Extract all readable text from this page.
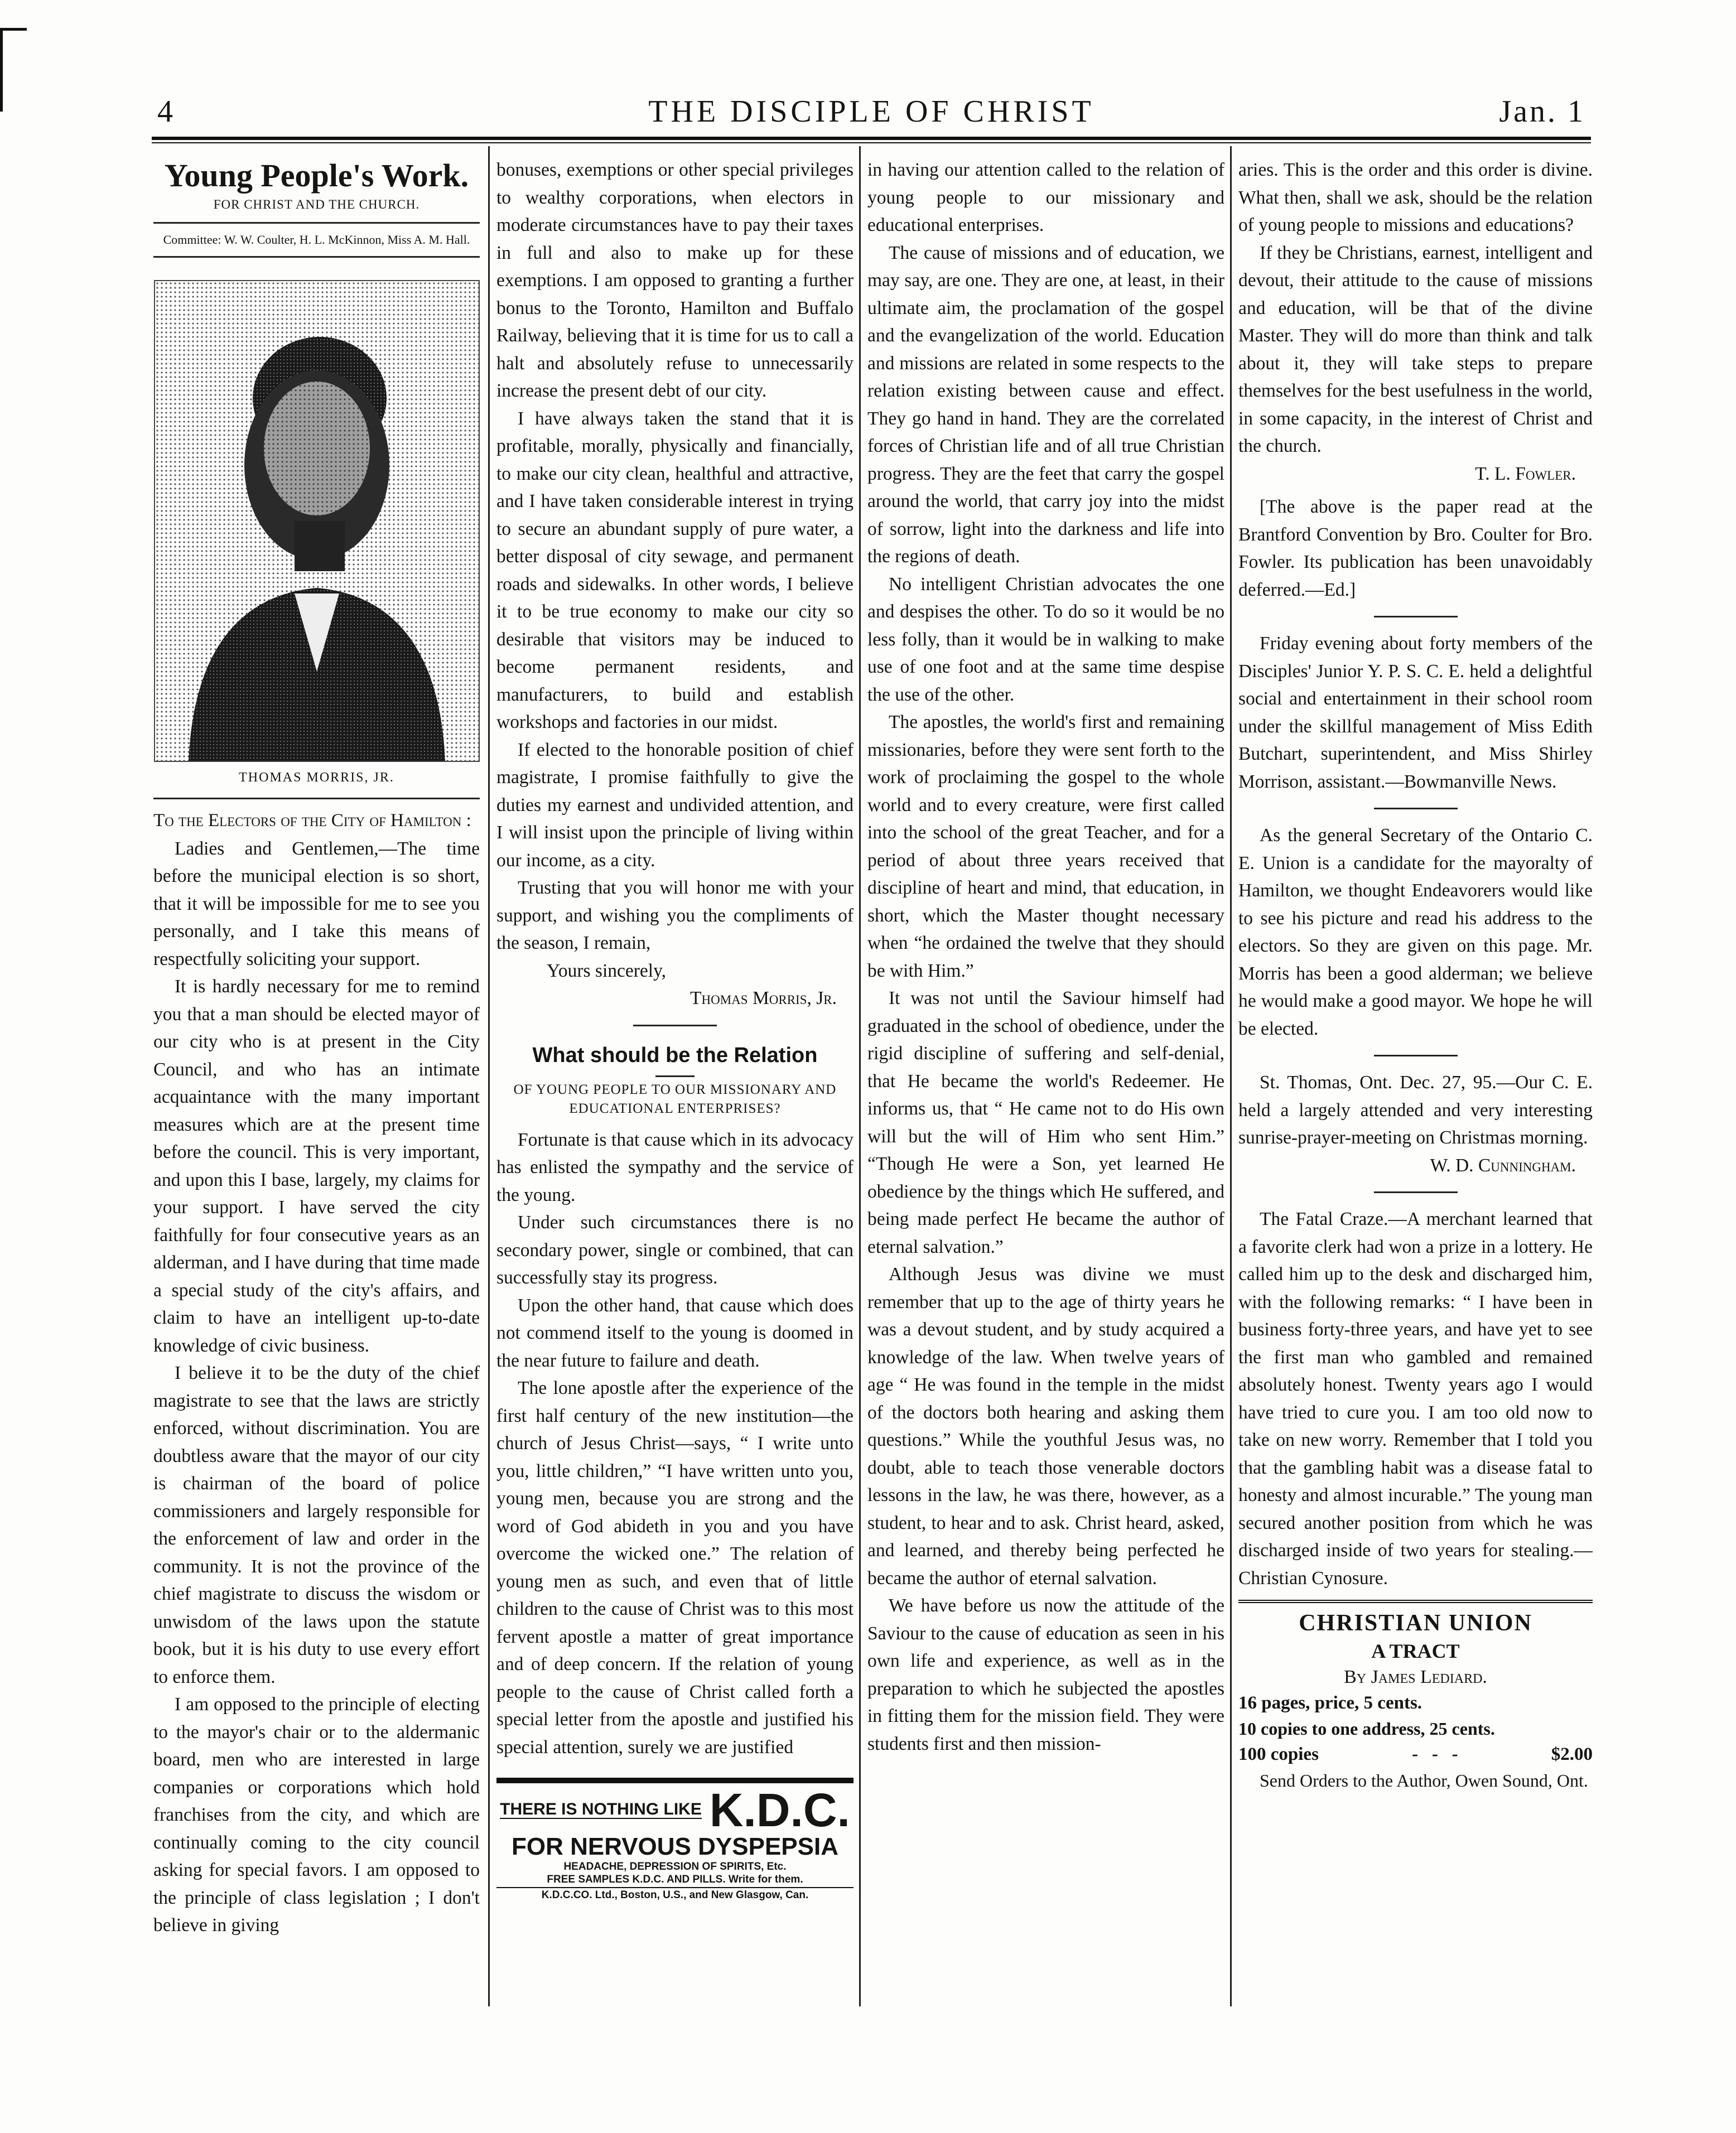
4	THE DISCIPLE OF CHRIST	Jan. 1
Young People's Work.
FOR CHRIST AND THE CHURCH.
Committee: W. W. Coulter, H. L. McKinnon, Miss A. M. Hall.
THOMAS MORRIS, JR.

To the Electors of the City of Hamilton :

Ladies and Gentlemen,—The time before the municipal election is so short, that it will be impossible for me to see you personally, and I take this means of respectfully soliciting your support.

It is hardly necessary for me to remind you that a man should be elected mayor of our city who is at present in the City Council, and who has an intimate acquaintance with the many important measures which are at the present time before the council. This is very important, and upon this I base, largely, my claims for your support. I have served the city faithfully for four consecutive years as an alderman, and I have during that time made a special study of the city's affairs, and claim to have an intelligent up-to-date knowledge of civic business.

I believe it to be the duty of the chief magistrate to see that the laws are strictly enforced, without discrimination. You are doubtless aware that the mayor of our city is chairman of the board of police commissioners and largely responsible for the enforcement of law and order in the community. It is not the province of the chief magistrate to discuss the wisdom or unwisdom of the laws upon the statute book, but it is his duty to use every effort to enforce them.

I am opposed to the principle of electing to the mayor's chair or to the aldermanic board, men who are interested in large companies or corporations which hold franchises from the city, and which are continually coming to the city council asking for special favors. I am opposed to the principle of class legislation ; I don't believe in giving

bonuses, exemptions or other special privileges to wealthy corporations, when electors in moderate circumstances have to pay their taxes in full and also to make up for these exemptions. I am opposed to granting a further bonus to the Toronto, Hamilton and Buffalo Railway, believing that it is time for us to call a halt and absolutely refuse to unnecessarily increase the present debt of our city.

I have always taken the stand that it is profitable, morally, physically and financially, to make our city clean, healthful and attractive, and I have taken considerable interest in trying to secure an abundant supply of pure water, a better disposal of city sewage, and permanent roads and sidewalks. In other words, I believe it to be true economy to make our city so desirable that visitors may be induced to become permanent residents, and manufacturers, to build and establish workshops and factories in our midst.

If elected to the honorable position of chief magistrate, I promise faithfully to give the duties my earnest and undivided attention, and I will insist upon the principle of living within our income, as a city.

Trusting that you will honor me with your support, and wishing you the compliments of the season, I remain,

Yours sincerely,

Thomas Morris, Jr.

What should be the Relation
OF YOUNG PEOPLE TO OUR MISSIONARY AND EDUCATIONAL ENTERPRISES?

Fortunate is that cause which in its advocacy has enlisted the sympathy and the service of the young.

Under such circumstances there is no secondary power, single or combined, that can successfully stay its progress.

Upon the other hand, that cause which does not commend itself to the young is doomed in the near future to failure and death.

The lone apostle after the experience of the first half century of the new institution—the church of Jesus Christ—says, “ I write unto you, little children,” “I have written unto you, young men, because you are strong and the word of God abideth in you and you have overcome the wicked one.” The relation of young men as such, and even that of little children to the cause of Christ was to this most fervent apostle a matter of great importance and of deep concern. If the relation of young people to the cause of Christ called forth a special letter from the apostle and justified his special attention, surely we are justified

THERE IS NOTHING LIKE K.D.C.
FOR NERVOUS DYSPEPSIA
HEADACHE, DEPRESSION OF SPIRITS, Etc.
FREE SAMPLES K.D.C. AND PILLS. Write for them.
K.D.C.CO. Ltd., Boston, U.S., and New Glasgow, Can.

in having our attention called to the relation of young people to our missionary and educational enterprises.

The cause of missions and of education, we may say, are one. They are one, at least, in their ultimate aim, the proclamation of the gospel and the evangelization of the world. Education and missions are related in some respects to the relation existing between cause and effect. They go hand in hand. They are the correlated forces of Christian life and of all true Christian progress. They are the feet that carry the gospel around the world, that carry joy into the midst of sorrow, light into the darkness and life into the regions of death.

No intelligent Christian advocates the one and despises the other. To do so it would be no less folly, than it would be in walking to make use of one foot and at the same time despise the use of the other.

The apostles, the world's first and remaining missionaries, before they were sent forth to the work of proclaiming the gospel to the whole world and to every creature, were first called into the school of the great Teacher, and for a period of about three years received that discipline of heart and mind, that education, in short, which the Master thought necessary when “he ordained the twelve that they should be with Him.”

It was not until the Saviour himself had graduated in the school of obedience, under the rigid discipline of suffering and self-denial, that He became the world's Redeemer. He informs us, that “ He came not to do His own will but the will of Him who sent Him.” “Though He were a Son, yet learned He obedience by the things which He suffered, and being made perfect He became the author of eternal salvation.”

Although Jesus was divine we must remember that up to the age of thirty years he was a devout student, and by study acquired a knowledge of the law. When twelve years of age “ He was found in the temple in the midst of the doctors both hearing and asking them questions.” While the youthful Jesus was, no doubt, able to teach those venerable doctors lessons in the law, he was there, however, as a student, to hear and to ask. Christ heard, asked, and learned, and thereby being perfected he became the author of eternal salvation.

We have before us now the attitude of the Saviour to the cause of education as seen in his own life and experience, as well as in the preparation to which he subjected the apostles in fitting them for the mission field. They were students first and then mission-

aries. This is the order and this order is divine. What then, shall we ask, should be the relation of young people to missions and educations?

If they be Christians, earnest, intelligent and devout, their attitude to the cause of missions and education, will be that of the divine Master. They will do more than think and talk about it, they will take steps to prepare themselves for the best usefulness in the world, in some capacity, in the interest of Christ and the church.

T. L. Fowler.

[The above is the paper read at the Brantford Convention by Bro. Coulter for Bro. Fowler. Its publication has been unavoidably deferred.—Ed.]

Friday evening about forty members of the Disciples' Junior Y. P. S. C. E. held a delightful social and entertainment in their school room under the skillful management of Miss Edith Butchart, superintendent, and Miss Shirley Morrison, assistant.—Bowmanville News.

As the general Secretary of the Ontario C. E. Union is a candidate for the mayoralty of Hamilton, we thought Endeavorers would like to see his picture and read his address to the electors. So they are given on this page. Mr. Morris has been a good alderman; we believe he would make a good mayor. We hope he will be elected.

St. Thomas, Ont. Dec. 27, 95.—Our C. E. held a largely attended and very interesting sunrise-prayer-meeting on Christmas morning.

W. D. Cunningham.

The Fatal Craze.—A merchant learned that a favorite clerk had won a prize in a lottery. He called him up to the desk and discharged him, with the following remarks: “ I have been in business forty-three years, and have yet to see the first man who gambled and remained absolutely honest. Twenty years ago I would have tried to cure you. I am too old now to take on new worry. Remember that I told you that the gambling habit was a disease fatal to honesty and almost incurable.” The young man secured another position from which he was discharged inside of two years for stealing.—Christian Cynosure.

CHRISTIAN UNION
A TRACT
By James Lediard.
16 pages, price, 5 cents.
10 copies to one address, 25 cents.
100 copies	-   -   -	$2.00

Send Orders to the Author, Owen Sound, Ont.
